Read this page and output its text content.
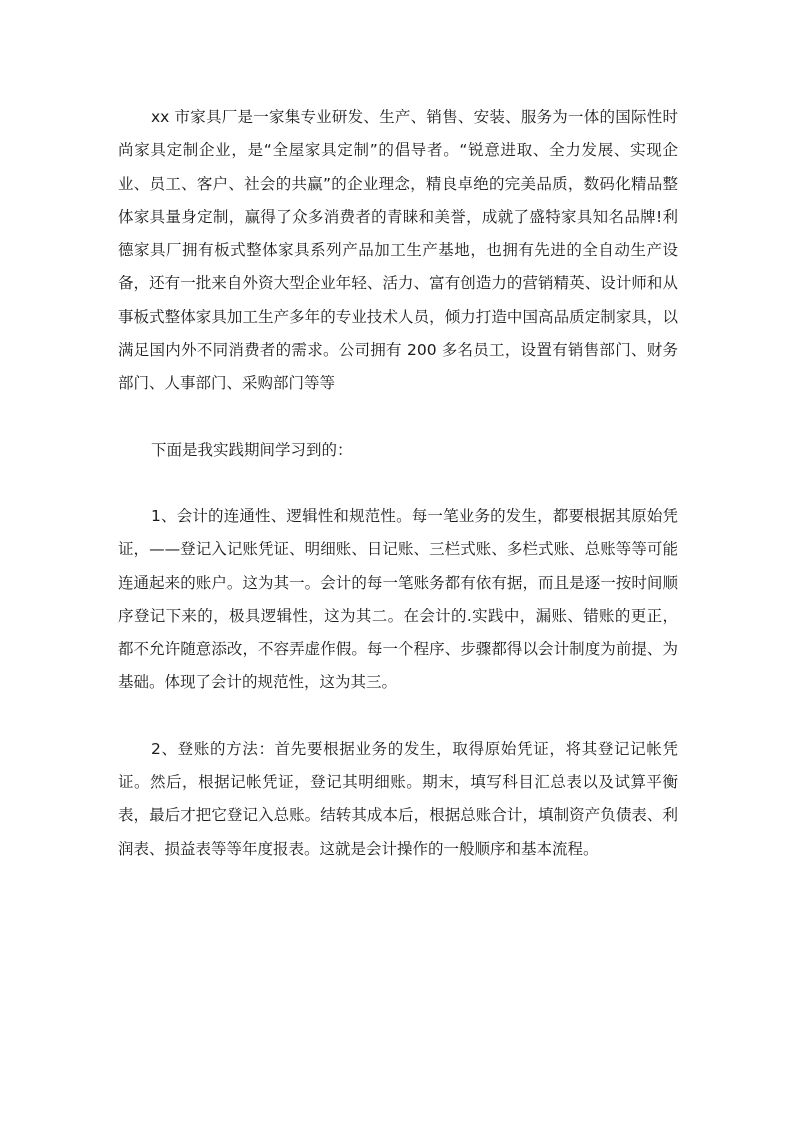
xx 市家具厂是一家集专业研发、生产、销售、安装、服务为一体的国际性时尚家具定制企业，是“全屋家具定制”的倡导者。“锐意进取、全力发展、实现企业、员工、客户、社会的共赢”的企业理念，精良卓绝的完美品质，数码化精品整体家具量身定制，赢得了众多消费者的青睐和美誉，成就了盛特家具知名品牌!利德家具厂拥有板式整体家具系列产品加工生产基地，也拥有先进的全自动生产设备，还有一批来自外资大型企业年轻、活力、富有创造力的营销精英、设计师和从事板式整体家具加工生产多年的专业技术人员，倾力打造中国高品质定制家具，以满足国内外不同消费者的需求。公司拥有 200 多名员工，设置有销售部门、财务部门、人事部门、采购部门等等

下面是我实践期间学习到的：

1、会计的连通性、逻辑性和规范性。每一笔业务的发生，都要根据其原始凭证，——登记入记账凭证、明细账、日记账、三栏式账、多栏式账、总账等等可能连通起来的账户。这为其一。会计的每一笔账务都有依有据，而且是逐一按时间顺序登记下来的，极具逻辑性，这为其二。在会计的.实践中，漏账、错账的更正，都不允许随意添改，不容弄虚作假。每一个程序、步骤都得以会计制度为前提、为基础。体现了会计的规范性，这为其三。

2、登账的方法：首先要根据业务的发生，取得原始凭证，将其登记记帐凭证。然后，根据记帐凭证，登记其明细账。期末，填写科目汇总表以及试算平衡表，最后才把它登记入总账。结转其成本后，根据总账合计，填制资产负债表、利润表、损益表等等年度报表。这就是会计操作的一般顺序和基本流程。
